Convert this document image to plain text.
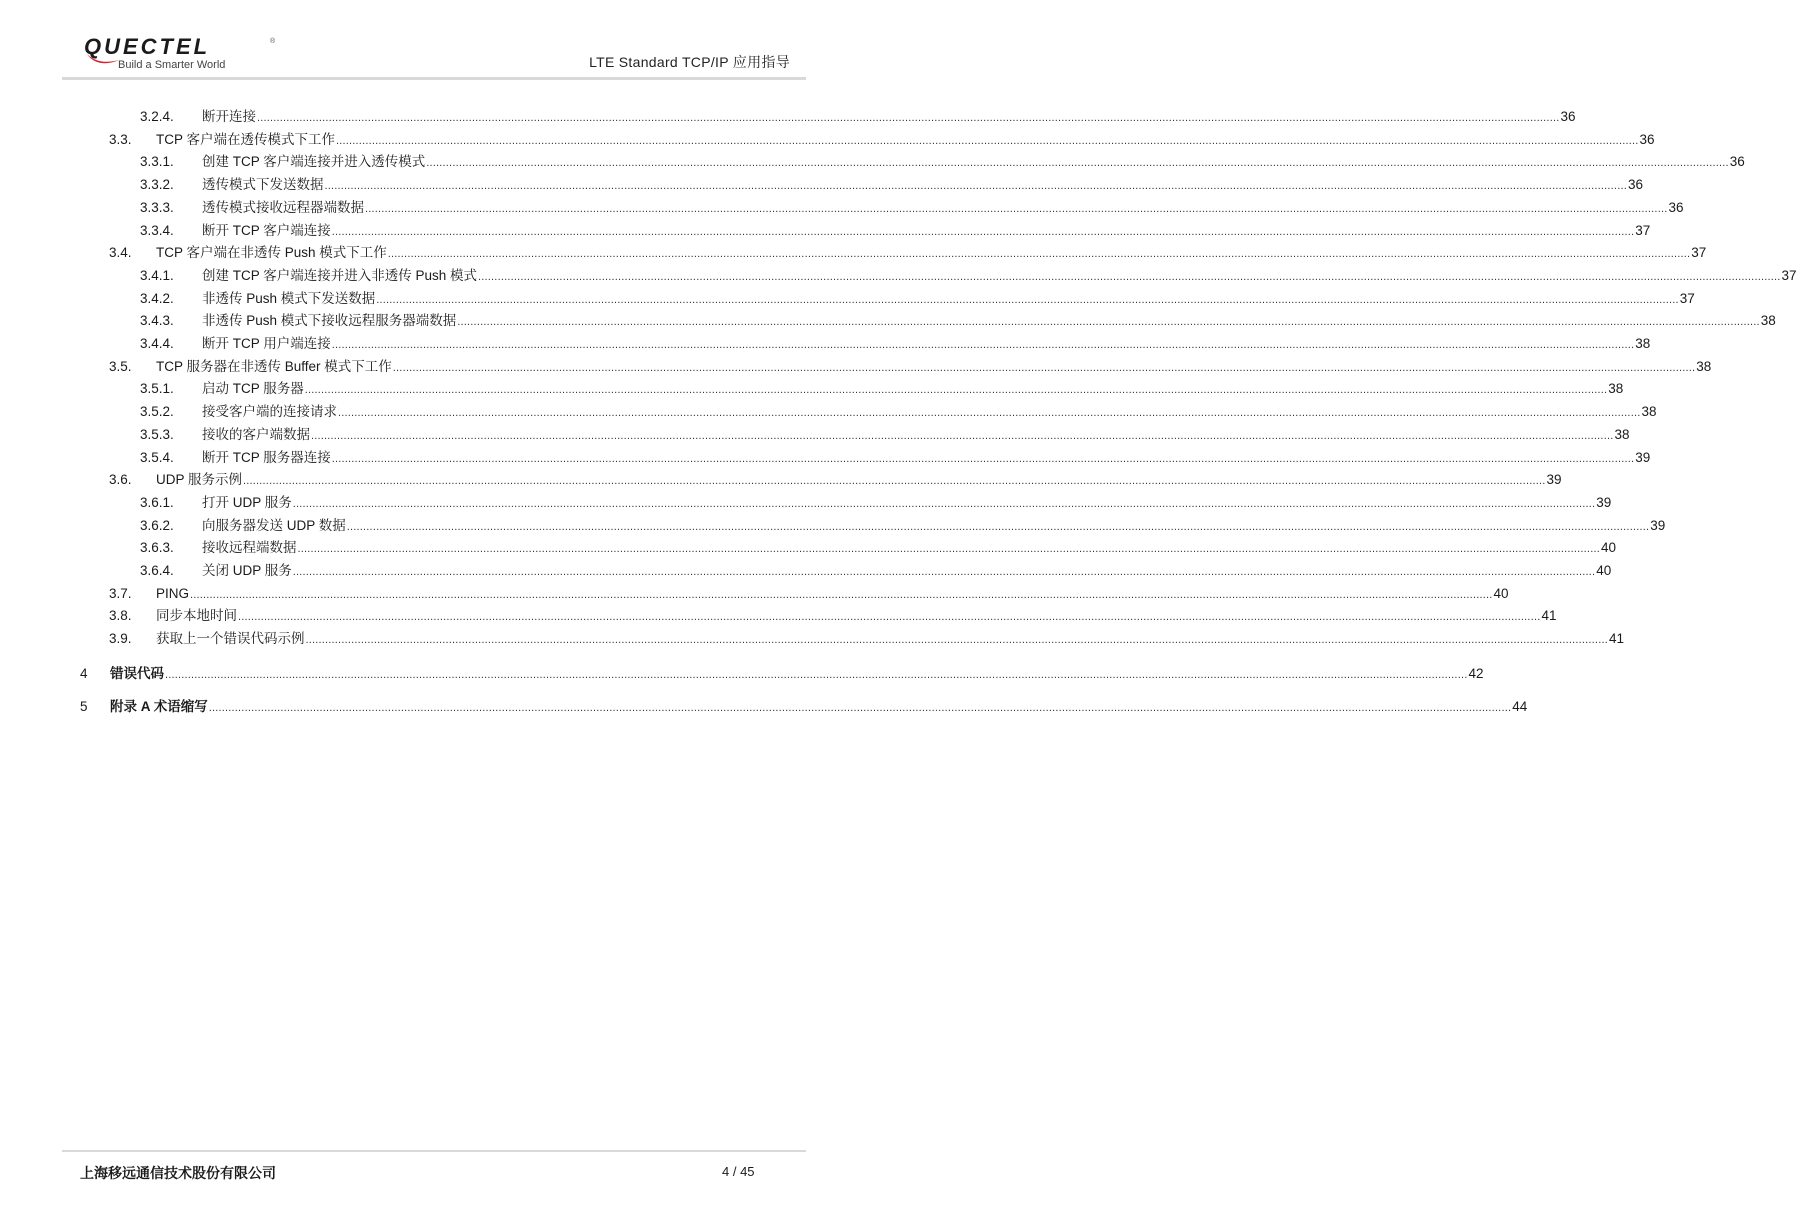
QUECTEL	®
Build a Smarter World	LTE Standard TCP/IP 应用指导
3.2.4.	断开连接 ................................................................................................................................................................................................................................................................................................................................................................................................................ 36
3.3.	TCP 客户端在透传模式下工作 ................................................................................................................................................................................................................................................................................................................................................................................................................ 36
3.3.1.	创建 TCP 客户端连接并进入透传模式 ................................................................................................................................................................................................................................................................................................................................................................................................................ 36
3.3.2.	透传模式下发送数据 ................................................................................................................................................................................................................................................................................................................................................................................................................ 36
3.3.3.	透传模式接收远程器端数据 ................................................................................................................................................................................................................................................................................................................................................................................................................ 36
3.3.4.	断开 TCP 客户端连接 ................................................................................................................................................................................................................................................................................................................................................................................................................ 37
3.4.	TCP 客户端在非透传 Push 模式下工作 ................................................................................................................................................................................................................................................................................................................................................................................................................ 37
3.4.1.	创建 TCP 客户端连接并进入非透传 Push 模式 ................................................................................................................................................................................................................................................................................................................................................................................................................ 37
3.4.2.	非透传 Push 模式下发送数据 ................................................................................................................................................................................................................................................................................................................................................................................................................ 37
3.4.3.	非透传 Push 模式下接收远程服务器端数据 ................................................................................................................................................................................................................................................................................................................................................................................................................ 38
3.4.4.	断开 TCP 用户端连接 ................................................................................................................................................................................................................................................................................................................................................................................................................ 38
3.5.	TCP 服务器在非透传 Buffer 模式下工作 ................................................................................................................................................................................................................................................................................................................................................................................................................ 38
3.5.1.	启动 TCP 服务器 ................................................................................................................................................................................................................................................................................................................................................................................................................ 38
3.5.2.	接受客户端的连接请求 ................................................................................................................................................................................................................................................................................................................................................................................................................ 38
3.5.3.	接收的客户端数据 ................................................................................................................................................................................................................................................................................................................................................................................................................ 38
3.5.4.	断开 TCP 服务器连接 ................................................................................................................................................................................................................................................................................................................................................................................................................ 39
3.6.	UDP 服务示例 ................................................................................................................................................................................................................................................................................................................................................................................................................ 39
3.6.1.	打开 UDP 服务 ................................................................................................................................................................................................................................................................................................................................................................................................................ 39
3.6.2.	向服务器发送 UDP 数据 ................................................................................................................................................................................................................................................................................................................................................................................................................ 39
3.6.3.	接收远程端数据 ................................................................................................................................................................................................................................................................................................................................................................................................................ 40
3.6.4.	关闭 UDP 服务 ................................................................................................................................................................................................................................................................................................................................................................................................................ 40
3.7.	PING ................................................................................................................................................................................................................................................................................................................................................................................................................ 40
3.8.	同步本地时间 ................................................................................................................................................................................................................................................................................................................................................................................................................ 41
3.9.	获取上一个错误代码示例 ................................................................................................................................................................................................................................................................................................................................................................................................................ 41
4	错误代码 ................................................................................................................................................................................................................................................................................................................................................................................................................ 42
5	附录 A 术语缩写 ................................................................................................................................................................................................................................................................................................................................................................................................................ 44
上海移远通信技术股份有限公司	4 / 45
